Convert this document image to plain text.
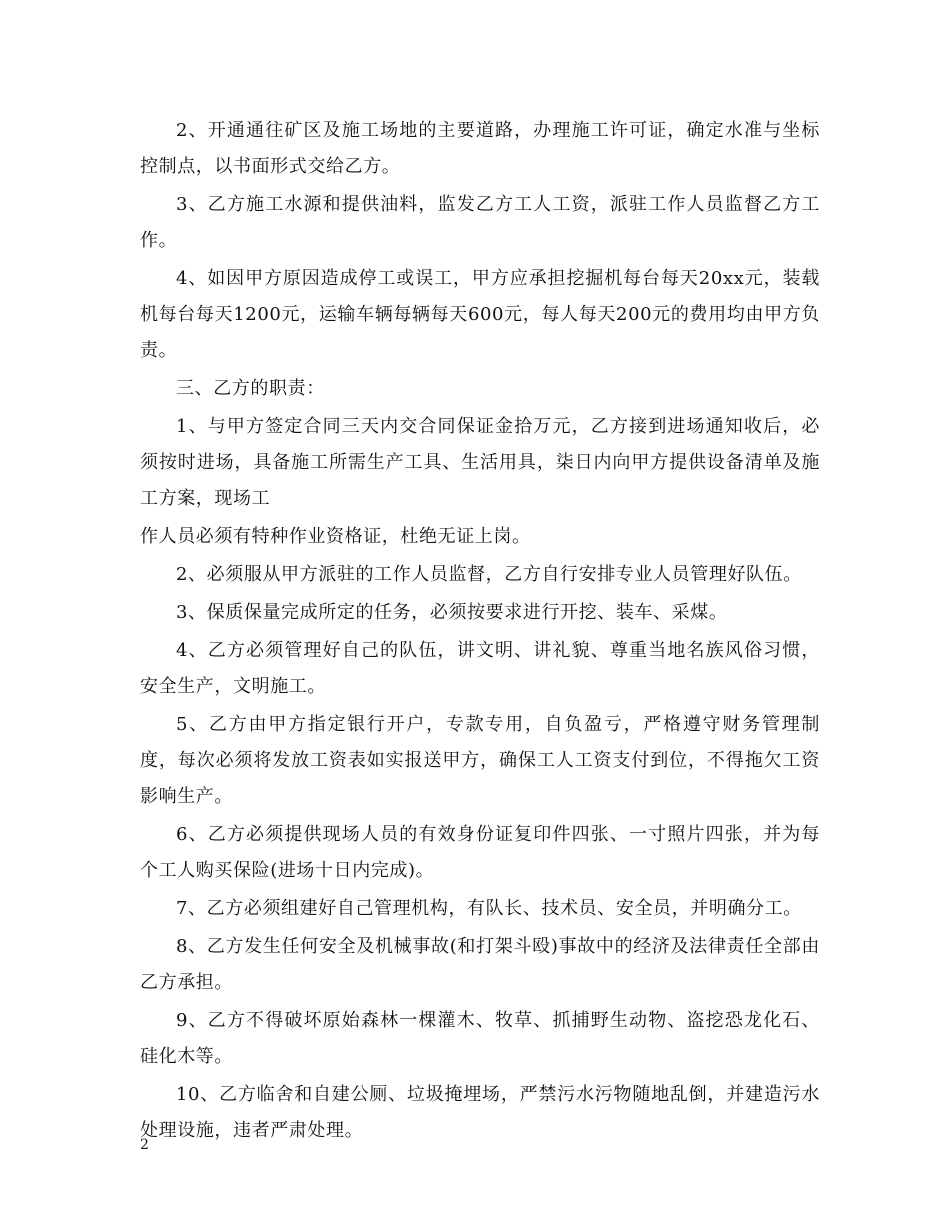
2、开通通往矿区及施工场地的主要道路，办理施工许可证，确定水准与坐标控制点，以书面形式交给乙方。

3、乙方施工水源和提供油料，监发乙方工人工资，派驻工作人员监督乙方工作。

4、如因甲方原因造成停工或误工，甲方应承担挖掘机每台每天20xx元，装载机每台每天1200元，运输车辆每辆每天600元，每人每天200元的费用均由甲方负责。

三、乙方的职责：

1、与甲方签定合同三天内交合同保证金拾万元，乙方接到进场通知收后，必须按时进场，具备施工所需生产工具、生活用具，柒日内向甲方提供设备清单及施工方案，现场工

作人员必须有特种作业资格证，杜绝无证上岗。

2、必须服从甲方派驻的工作人员监督，乙方自行安排专业人员管理好队伍。

3、保质保量完成所定的任务，必须按要求进行开挖、装车、采煤。

4、乙方必须管理好自己的队伍，讲文明、讲礼貌、尊重当地名族风俗习惯，安全生产，文明施工。

5、乙方由甲方指定银行开户，专款专用，自负盈亏，严格遵守财务管理制度，每次必须将发放工资表如实报送甲方，确保工人工资支付到位，不得拖欠工资影响生产。

6、乙方必须提供现场人员的有效身份证复印件四张、一寸照片四张，并为每个工人购买保险(进场十日内完成)。

7、乙方必须组建好自己管理机构，有队长、技术员、安全员，并明确分工。

8、乙方发生任何安全及机械事故(和打架斗殴)事故中的经济及法律责任全部由乙方承担。

9、乙方不得破坏原始森林一棵灌木、牧草、抓捕野生动物、盗挖恐龙化石、硅化木等。

10、乙方临舍和自建公厕、垃圾掩埋场，严禁污水污物随地乱倒，并建造污水处理设施，违者严肃处理。

2
